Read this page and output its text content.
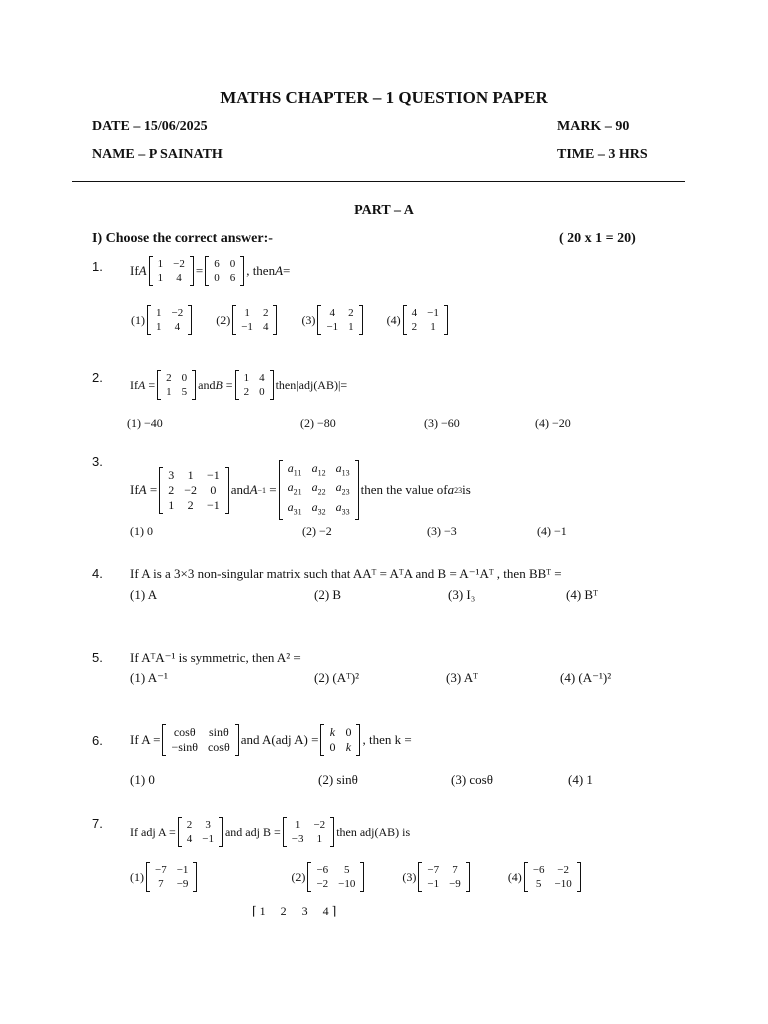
MATHS CHAPTER – 1 QUESTION PAPER
DATE – 15/06/2025	MARK – 90
NAME – P SAINATH	TIME – 3 HRS
PART – A
I) Choose the correct answer:-	( 20 x 1 = 20)
1. If A 1	−2
1	4 = 6	0
0	6 , then A =
(1) 1	−2
1	4
(2) 1	2
−1	4
(3) 4	2
−1	1
(4) 4	−1
2	1
2. If A = 2	0
1	5
and B = 1	4
2	0
then |adj(AB)|=
(1) −40	(2) −80	(3) −60	(4) −20
3.
If A =
3	1	−1
2	−2	0
1	2	−1
and A −1 =
$a_{11}$	$a_{12}$	$a_{13}$
$a_{21}$	$a_{22}$	$a_{23}$
$a_{31}$	$a_{32}$	$a_{33}$
then the value of a 23 is
(1) 0	(2) −2	(3) −3	(4) −1
4. If A is a 3×3 non-singular matrix such that AAᵀ = AᵀA and B = A⁻¹Aᵀ , then BBᵀ =
(1) A	(2) B	(3) I₃	(4) Bᵀ
5. If AᵀA⁻¹ is symmetric, then A² =
(1) A⁻¹	(2) (Aᵀ)²	(3) Aᵀ	(4) (A⁻¹)²
6. If A = cosθ	sinθ
−sinθ	cosθ and A(adj A) = k	0
0	k , then k =
(1) 0	(2) sinθ	(3) cosθ	(4) 1
7.
If adj A = 2	3
4	−1
and adj B = 1	−2
−3	1
then adj(AB) is
(1) −7	−1
7	−9
(2) −6	5
−2	−10
(3) −7	7
−1	−9
(4) −6	−2
5	−10
⌈1  2  3  4⌉
